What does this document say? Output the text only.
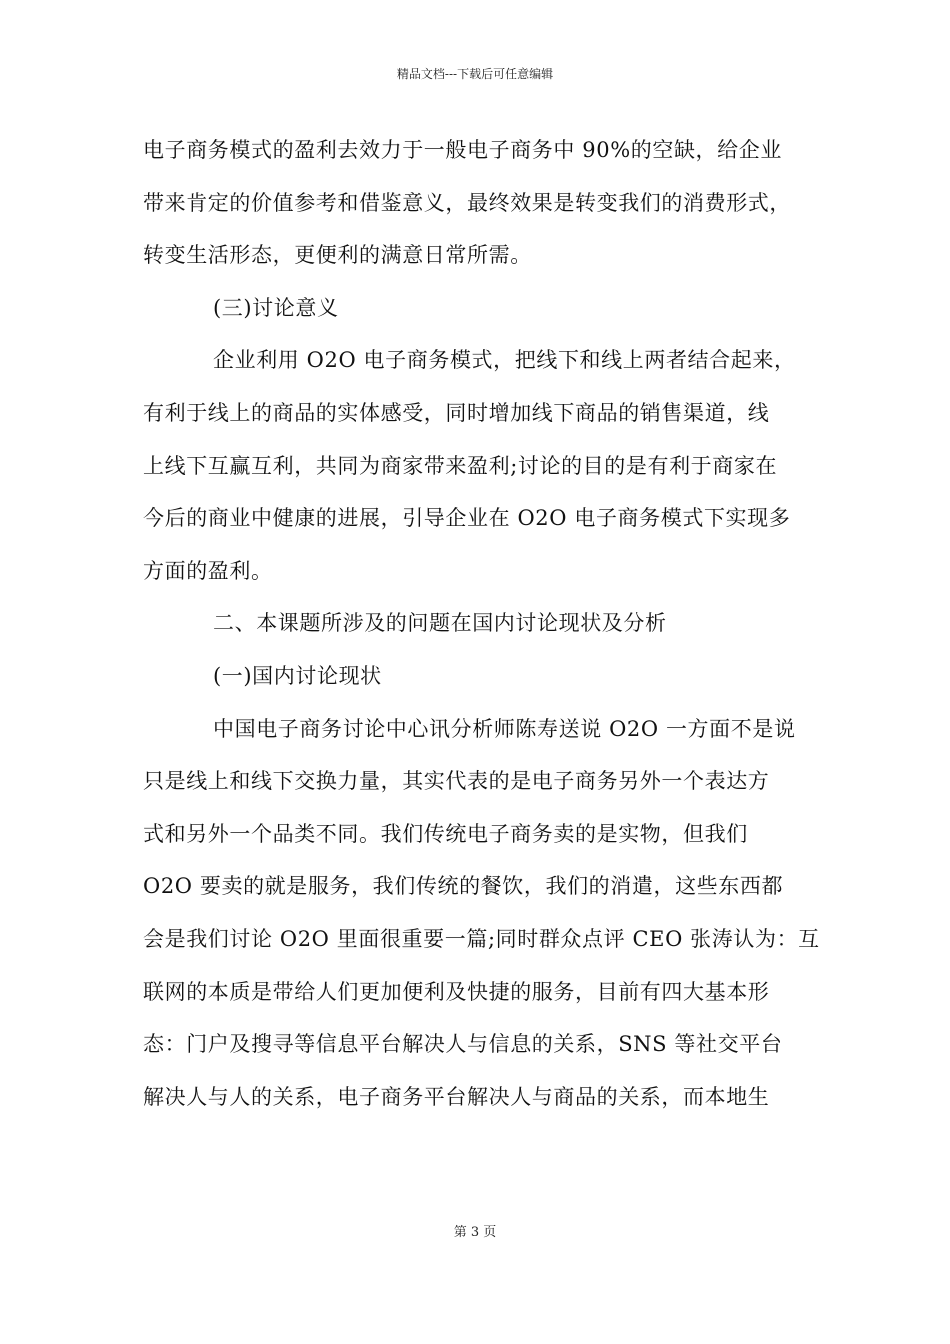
精品文档---下载后可任意编辑
电子商务模式的盈利去效力于一般电子商务中 90%的空缺，给企业
带来肯定的价值参考和借鉴意义，最终效果是转变我们的消费形式，
转变生活形态，更便利的满意日常所需。
(三)讨论意义
企业利用 O2O 电子商务模式，把线下和线上两者结合起来，
有利于线上的商品的实体感受，同时增加线下商品的销售渠道，线
上线下互赢互利，共同为商家带来盈利;讨论的目的是有利于商家在
今后的商业中健康的进展，引导企业在 O2O 电子商务模式下实现多
方面的盈利。
二、本课题所涉及的问题在国内讨论现状及分析
(一)国内讨论现状
中国电子商务讨论中心讯分析师陈寿送说 O2O 一方面不是说
只是线上和线下交换力量，其实代表的是电子商务另外一个表达方
式和另外一个品类不同。我们传统电子商务卖的是实物，但我们
O2O 要卖的就是服务，我们传统的餐饮，我们的消遣，这些东西都
会是我们讨论 O2O 里面很重要一篇;同时群众点评 CEO 张涛认为：互
联网的本质是带给人们更加便利及快捷的服务，目前有四大基本形
态：门户及搜寻等信息平台解决人与信息的关系，SNS 等社交平台
解决人与人的关系，电子商务平台解决人与商品的关系，而本地生
第 3 页
